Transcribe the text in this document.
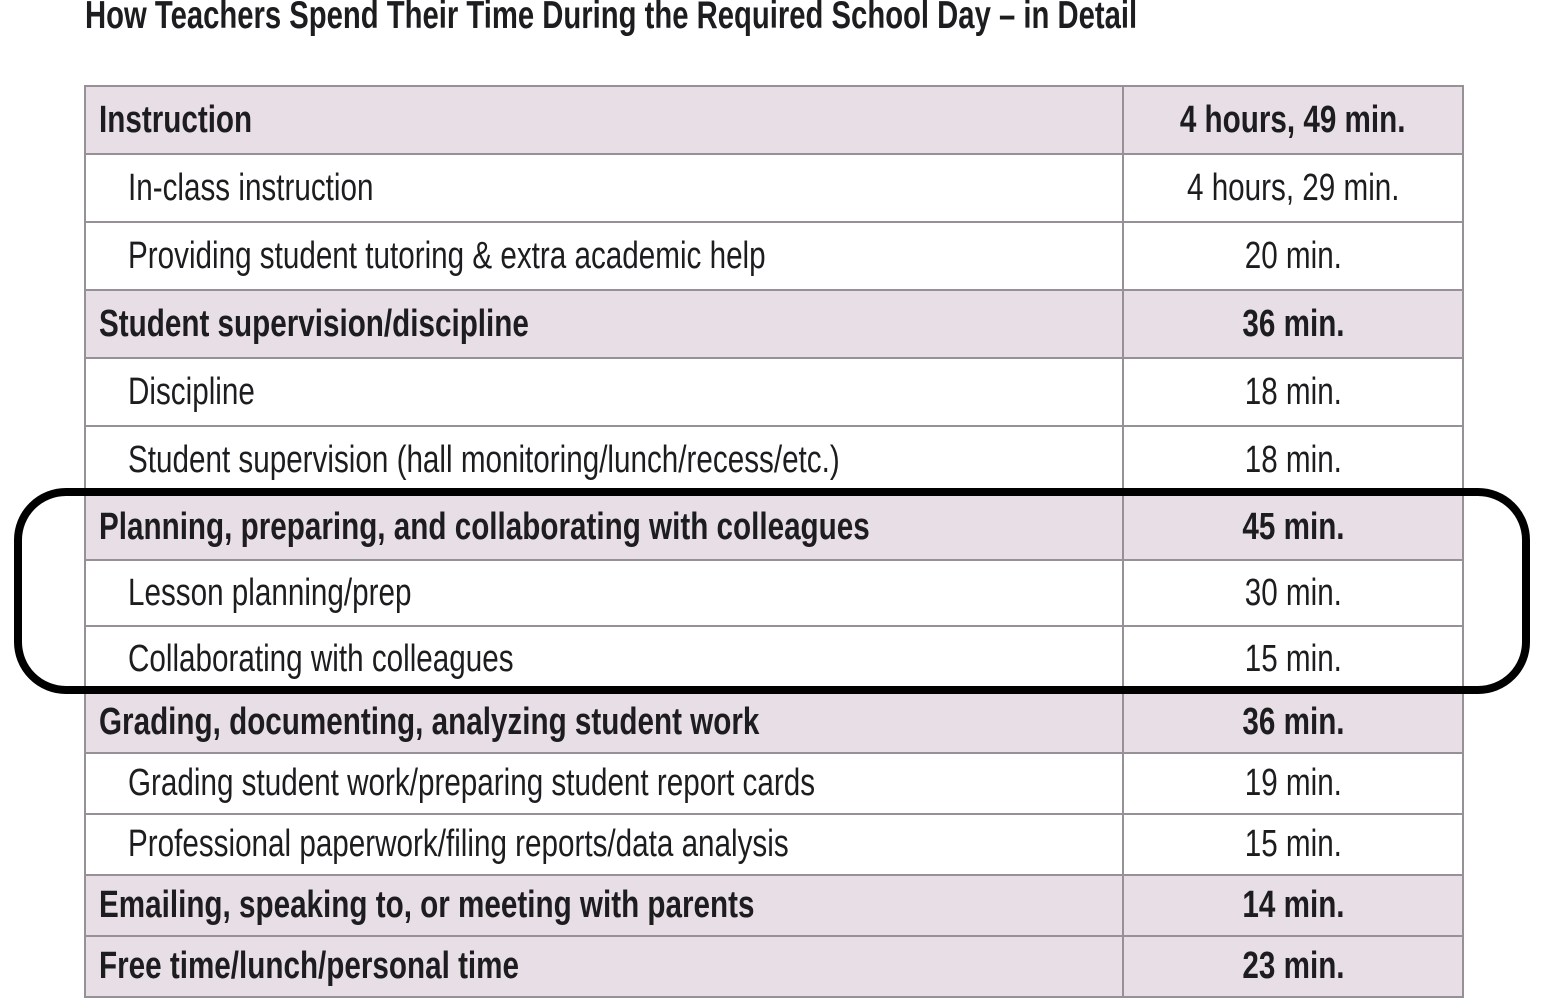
How Teachers Spend Their Time During the Required School Day – in Detail
Instruction	4 hours, 49 min.
In-class instruction	4 hours, 29 min.
Providing student tutoring & extra academic help	20 min.
Student supervision/discipline	36 min.
Discipline	18 min.
Student supervision (hall monitoring/lunch/recess/etc.)	18 min.
Planning, preparing, and collaborating with colleagues	45 min.
Lesson planning/prep	30 min.
Collaborating with colleagues	15 min.
Grading, documenting, analyzing student work	36 min.
Grading student work/preparing student report cards	19 min.
Professional paperwork/filing reports/data analysis	15 min.
Emailing, speaking to, or meeting with parents	14 min.
Free time/lunch/personal time	23 min.
